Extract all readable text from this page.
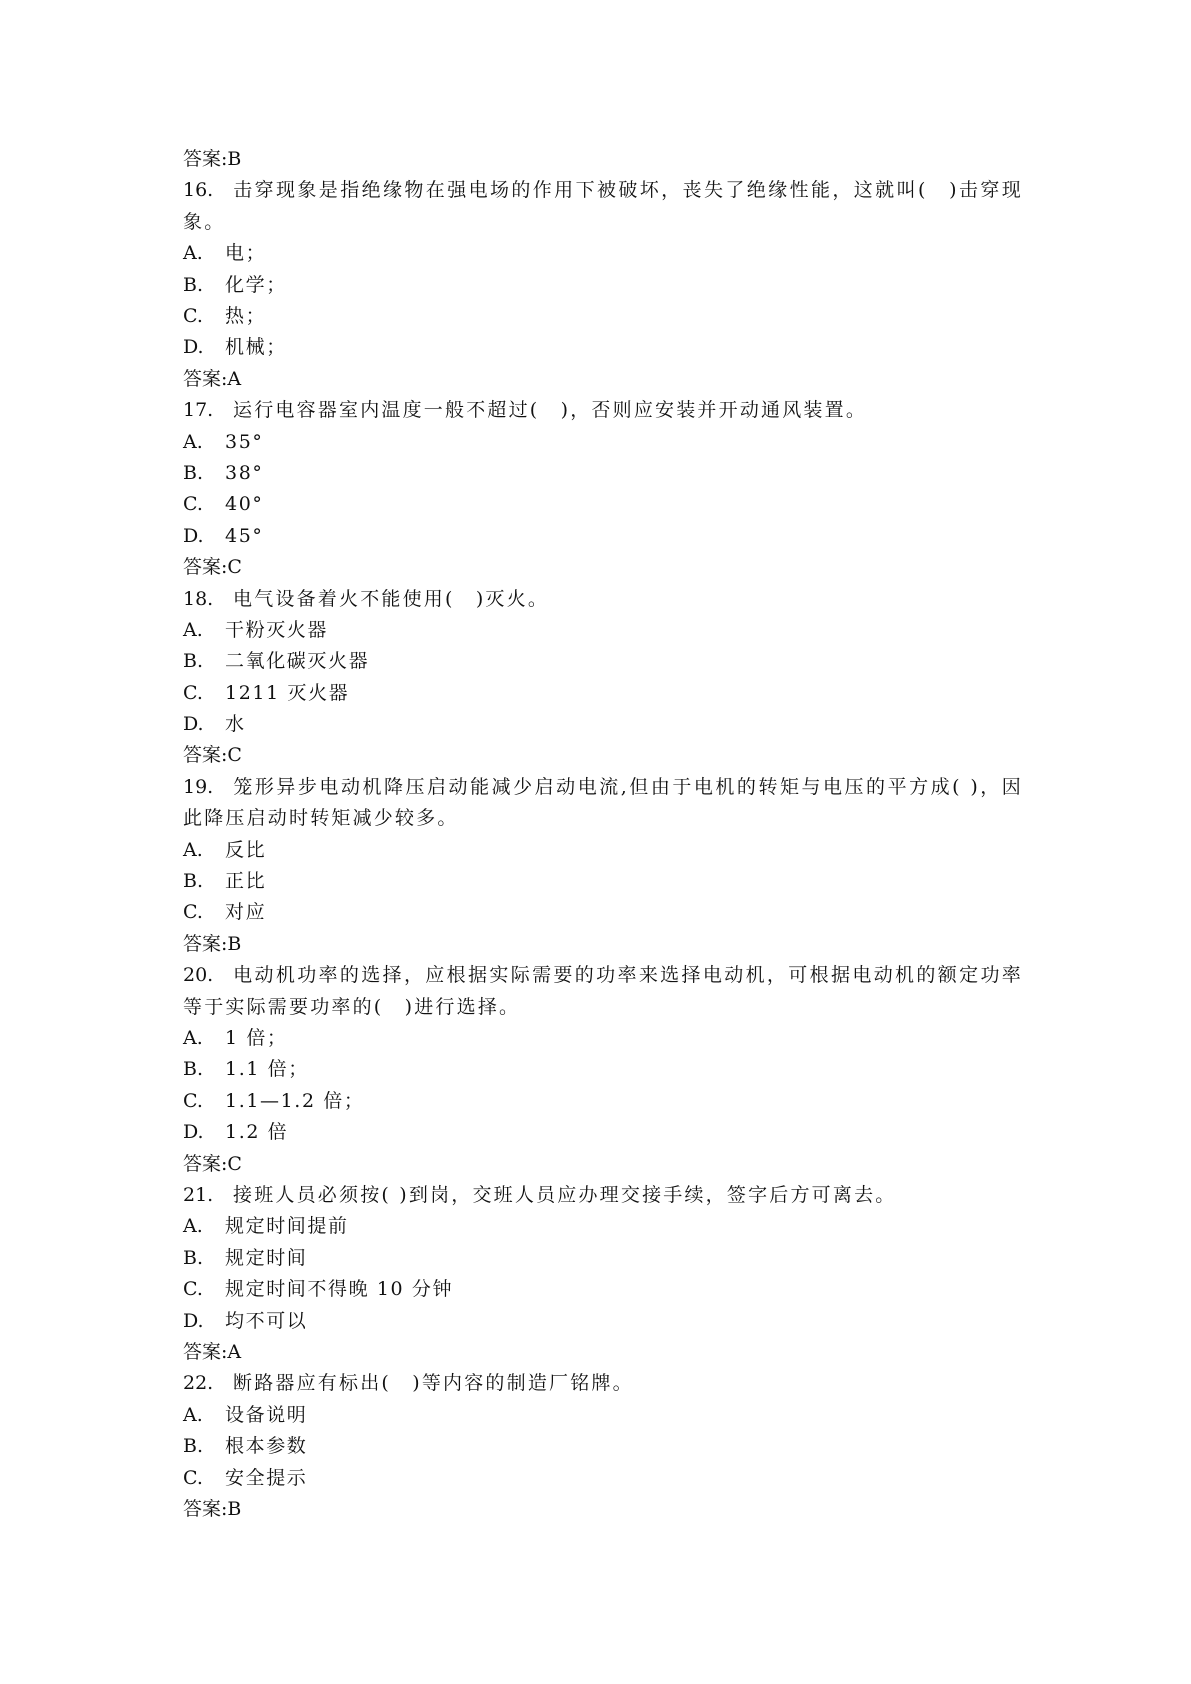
答案:B
16. 击穿现象是指绝缘物在强电场的作用下被破坏，丧失了绝缘性能，这就叫(　)击穿现象。
A. 电；
B. 化学；
C. 热；
D. 机械；
答案:A
17. 运行电容器室内温度一般不超过(　)，否则应安装并开动通风装置。
A. 35°
B. 38°
C. 40°
D. 45°
答案:C
18. 电气设备着火不能使用(　)灭火。
A. 干粉灭火器
B. 二氧化碳灭火器
C. 1211 灭火器
D. 水
答案:C
19. 笼形异步电动机降压启动能减少启动电流,但由于电机的转矩与电压的平方成( )，因此降压启动时转矩减少较多。
A. 反比
B. 正比
C. 对应
答案:B
20. 电动机功率的选择，应根据实际需要的功率来选择电动机，可根据电动机的额定功率等于实际需要功率的(　)进行选择。
A. 1 倍；
B. 1.1 倍；
C. 1.1—1.2 倍；
D. 1.2 倍
答案:C
21. 接班人员必须按( )到岗，交班人员应办理交接手续，签字后方可离去。
A. 规定时间提前
B. 规定时间
C. 规定时间不得晚 10 分钟
D. 均不可以
答案:A
22. 断路器应有标出(　)等内容的制造厂铭牌。
A. 设备说明
B. 根本参数
C. 安全提示
答案:B
